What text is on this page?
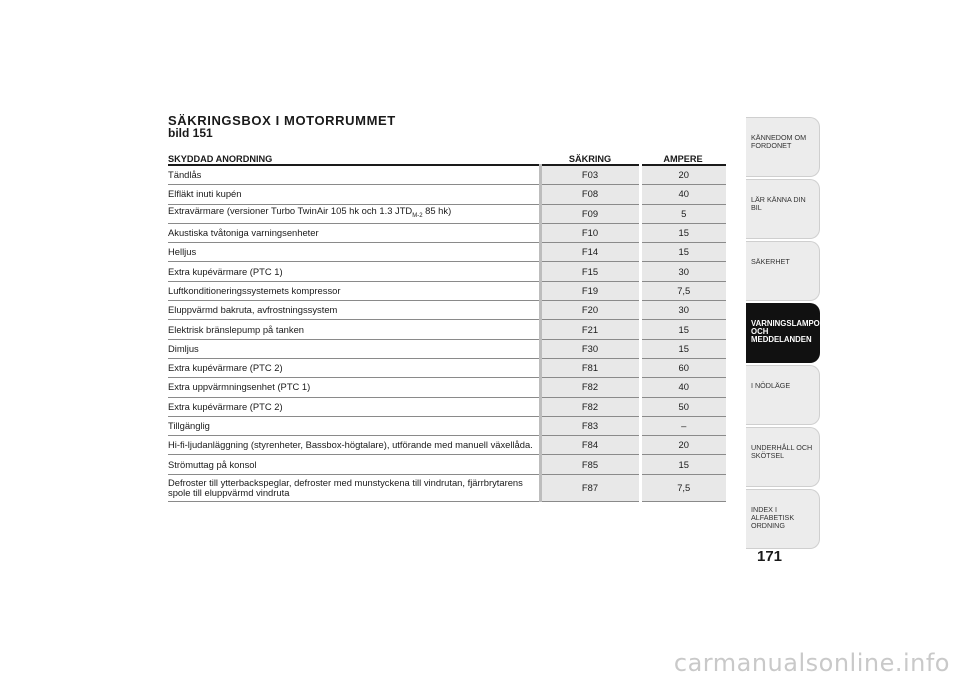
SÄKRINGSBOX I MOTORRUMMET
bild 151
SKYDDAD ANORDNING	SÄKRING	AMPERE
Tändlås	F03	20
Elfläkt inuti kupén	F08	40
Extravärmare (versioner Turbo TwinAir 105 hk och 1.3 $JTD_{M-2}$ 85 hk)	F09	5
Akustiska tvåtoniga varningsenheter	F10	15
Helljus	F14	15
Extra kupévärmare (PTC 1)	F15	30
Luftkonditioneringssystemets kompressor	F19	7,5
Eluppvärmd bakruta, avfrostningssystem	F20	30
Elektrisk bränslepump på tanken	F21	15
Dimljus	F30	15
Extra kupévärmare (PTC 2)	F81	60
Extra uppvärmningsenhet (PTC 1)	F82	40
Extra kupévärmare (PTC 2)	F82	50
Tillgänglig	F83	–
Hi-fi-ljudanläggning (styrenheter, Bassbox-högtalare), utförande med manuell växellåda.	F84	20
Strömuttag på konsol	F85	15
Defroster till ytterbackspeglar, defroster med munstyckena till vindrutan, fjärrbrytarens spole till eluppvärmd vindruta	F87	7,5
KÄNNEDOM OM FORDONET
LÄR KÄNNA DIN BIL
SÄKERHET
VARNINGSLAMPOR OCH MEDDELANDEN
I NÖDLÄGE
UNDERHÅLL OCH SKÖTSEL
INDEX I ALFABETISK ORDNING
171
carmanualsonline.info
